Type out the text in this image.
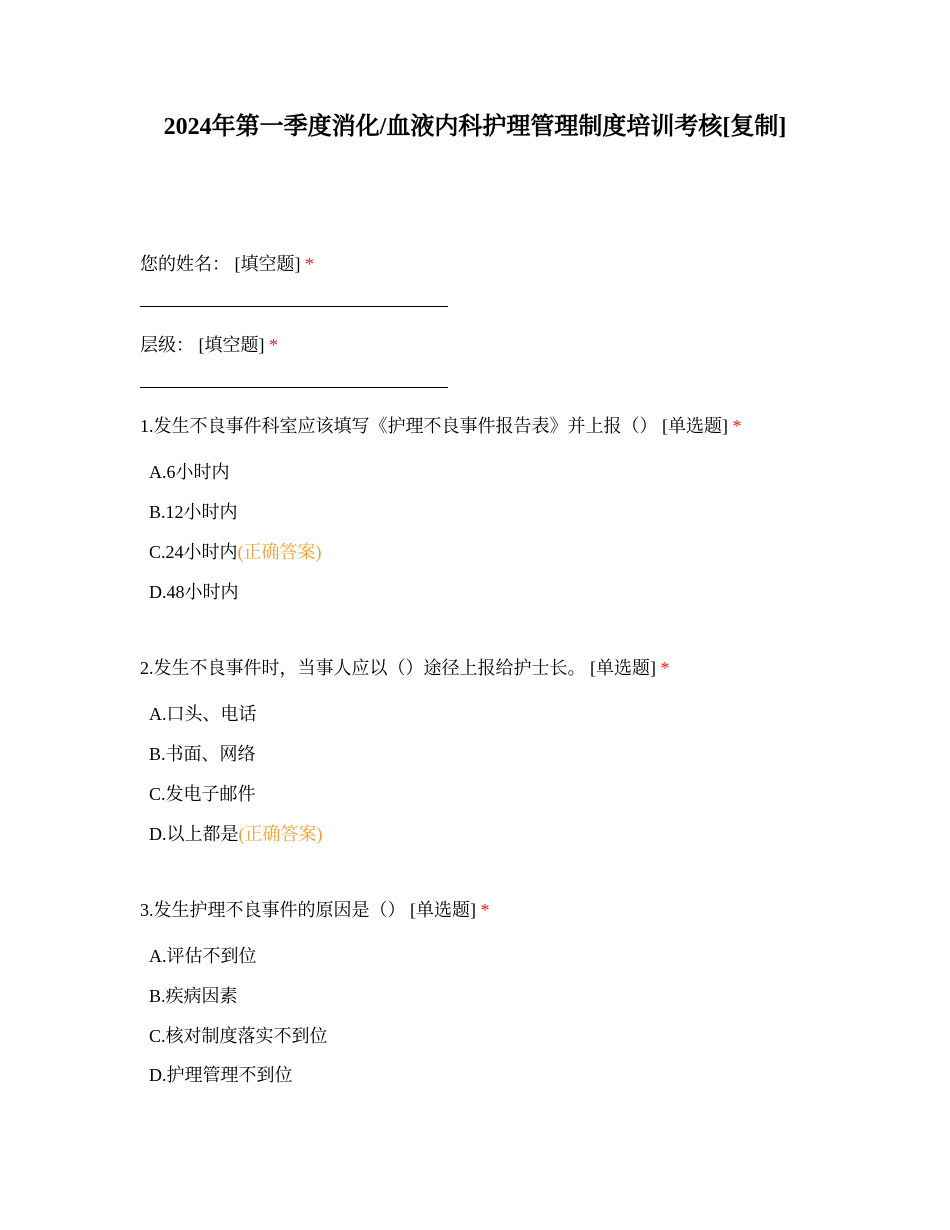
2024年第一季度消化/血液内科护理管理制度培训考核[复制]
您的姓名： [填空题] *
层级： [填空题] *
1.发生不良事件科室应该填写《护理不良事件报告表》并上报（） [单选题] *
A.6小时内
B.12小时内
C.24小时内(正确答案)
D.48小时内
2.发生不良事件时，当事人应以（）途径上报给护士长。 [单选题] *
A.口头、电话
B.书面、网络
C.发电子邮件
D.以上都是(正确答案)
3.发生护理不良事件的原因是（） [单选题] *
A.评估不到位
B.疾病因素
C.核对制度落实不到位
D.护理管理不到位
